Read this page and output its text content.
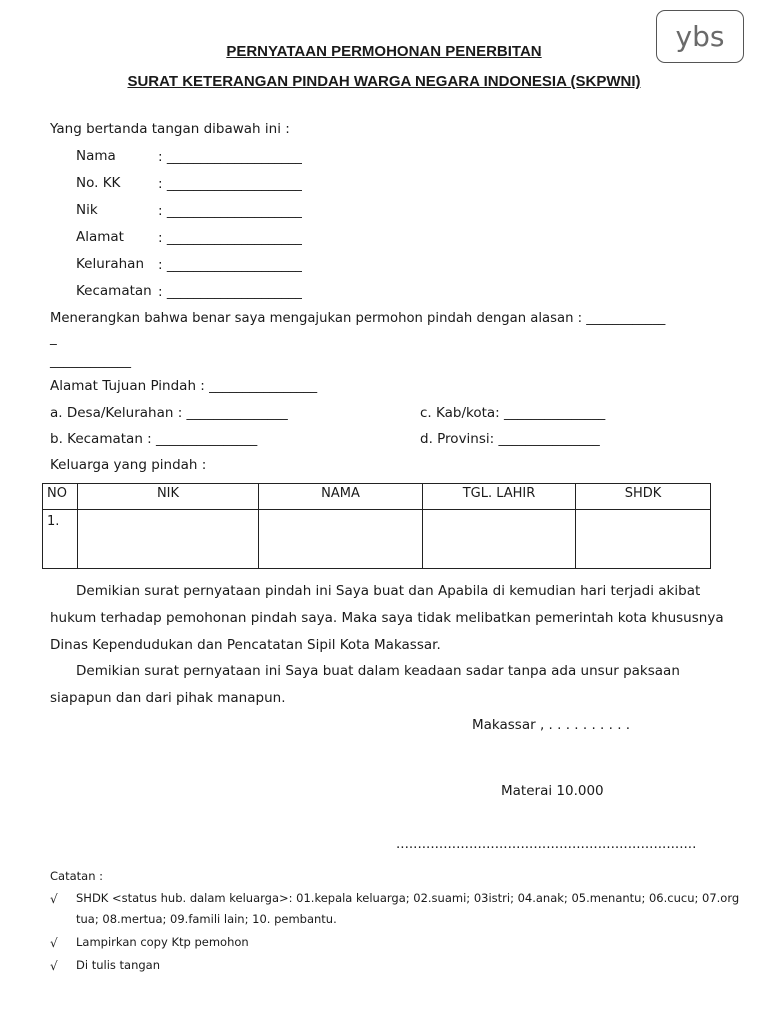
ybs
PERNYATAAN PERMOHONAN PENERBITAN
SURAT KETERANGAN PINDAH WARGA NEGARA INDONESIA (SKPWNI)
Yang bertanda tangan dibawah ini :
Nama	: ____________________
No. KK	: ____________________
Nik	: ____________________
Alamat	: ____________________
Kelurahan : ____________________
Kecamatan : ____________________
Menerangkan bahwa benar saya mengajukan permohon pindah dengan alasan : ____________
_
____________
Alamat Tujuan Pindah : ________________
a. Desa/Kelurahan : _______________	c. Kab/kota: _______________
b. Kecamatan : _______________	d. Provinsi: _______________
Keluarga yang pindah :
NO	NIK	NAMA	TGL. LAHIR	SHDK
1.				
Demikian surat pernyataan pindah ini Saya buat dan Apabila di kemudian hari terjadi akibat
hukum terhadap pemohonan pindah saya. Maka saya tidak melibatkan pemerintah kota khususnya
Dinas Kependudukan dan Pencatatan Sipil Kota Makassar.
Demikian surat pernyataan ini Saya buat dalam keadaan sadar tanpa ada unsur paksaan
siapapun dan dari pihak manapun.
Makassar , . . . . . . . . . .
Materai 10.000
......................................................................
Catatan :
√ SHDK <status hub. dalam keluarga>: 01.kepala keluarga; 02.suami; 03istri; 04.anak; 05.menantu; 06.cucu; 07.org
tua; 08.mertua; 09.famili lain; 10. pembantu.
√ Lampirkan copy Ktp pemohon
√ Di tulis tangan
